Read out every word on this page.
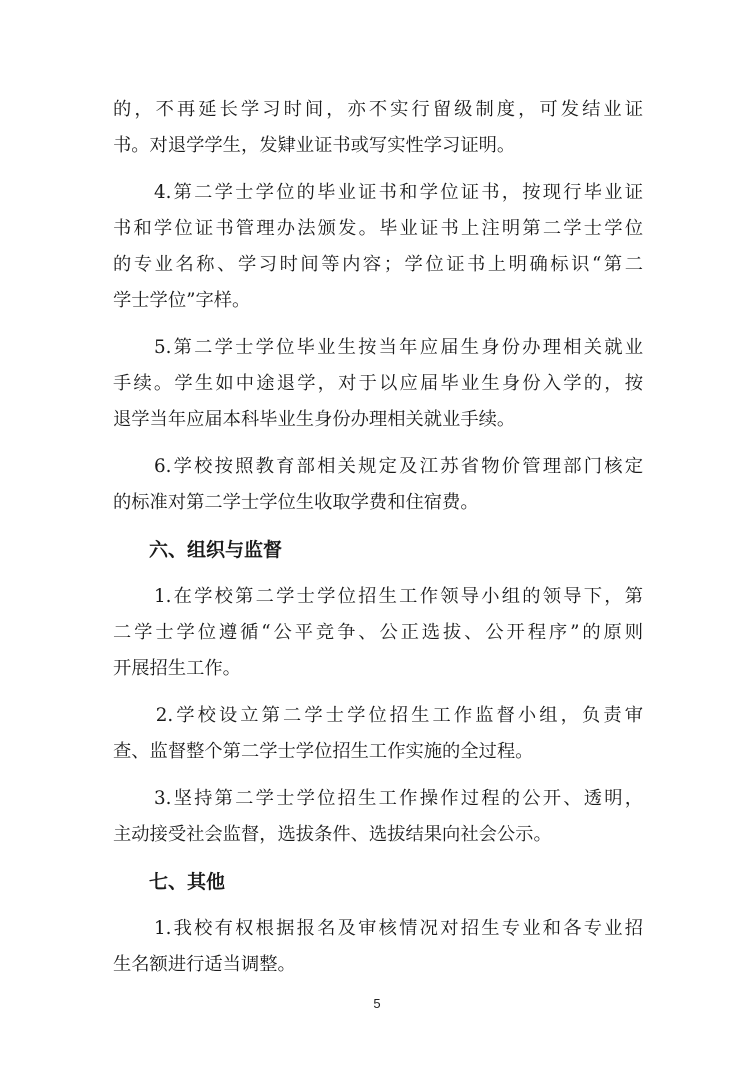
的，不再延长学习时间，亦不实行留级制度，可发结业证
书。对退学学生，发肄业证书或写实性学习证明。
　　4.第二学士学位的毕业证书和学位证书，按现行毕业证
书和学位证书管理办法颁发。毕业证书上注明第二学士学位
的专业名称、学习时间等内容；学位证书上明确标识“第二
学士学位”字样。
　　5.第二学士学位毕业生按当年应届生身份办理相关就业
手续。学生如中途退学，对于以应届毕业生身份入学的，按
退学当年应届本科毕业生身份办理相关就业手续。
　　6.学校按照教育部相关规定及江苏省物价管理部门核定
的标准对第二学士学位生收取学费和住宿费。
六、组织与监督
　　1.在学校第二学士学位招生工作领导小组的领导下，第
二学士学位遵循“公平竞争、公正选拔、公开程序”的原则
开展招生工作。
　　2.学校设立第二学士学位招生工作监督小组，负责审
查、监督整个第二学士学位招生工作实施的全过程。
　　3.坚持第二学士学位招生工作操作过程的公开、透明，
主动接受社会监督，选拔条件、选拔结果向社会公示。
七、其他
　　1.我校有权根据报名及审核情况对招生专业和各专业招
生名额进行适当调整。
5
